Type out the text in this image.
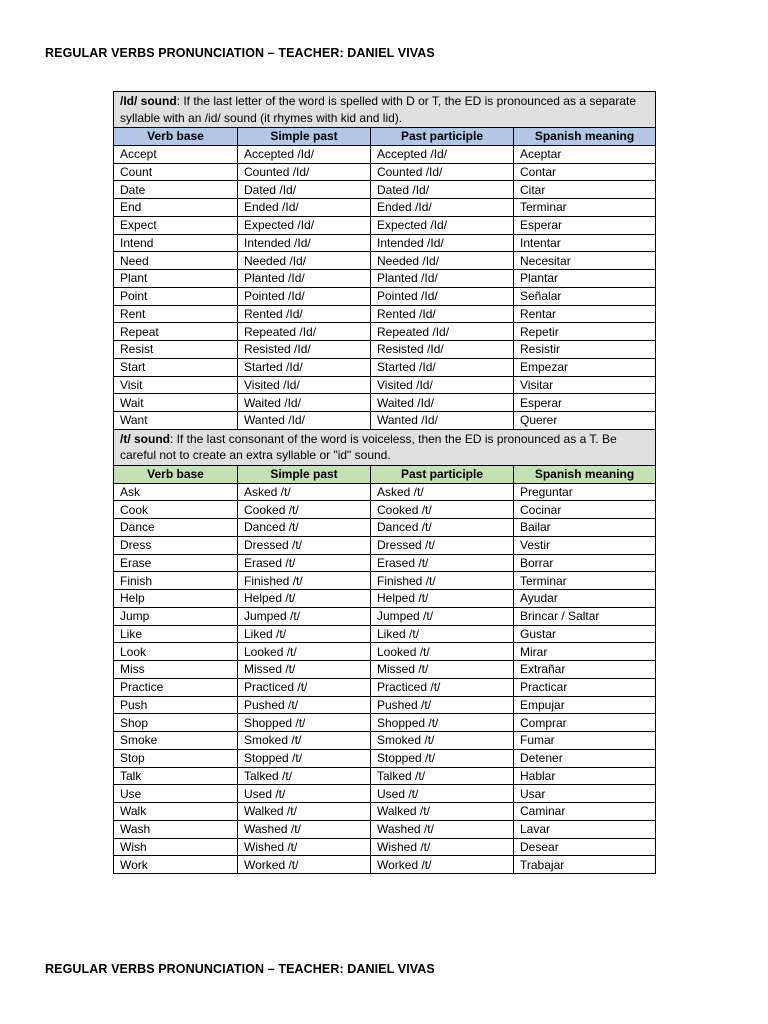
REGULAR VERBS PRONUNCIATION – TEACHER: DANIEL VIVAS
/Id/ sound: If the last letter of the word is spelled with D or T, the ED is pronounced as a separate syllable with an /id/ sound (it rhymes with kid and lid).			
Verb base	Simple past	Past participle	Spanish meaning
Accept	Accepted /Id/	Accepted /Id/	Aceptar
Count	Counted /Id/	Counted /Id/	Contar
Date	Dated /Id/	Dated /Id/	Citar
End	Ended /Id/	Ended /Id/	Terminar
Expect	Expected /Id/	Expected /Id/	Esperar
Intend	Intended /Id/	Intended /Id/	Intentar
Need	Needed /Id/	Needed /Id/	Necesitar
Plant	Planted /Id/	Planted /Id/	Plantar
Point	Pointed /Id/	Pointed /Id/	Señalar
Rent	Rented /Id/	Rented /Id/	Rentar
Repeat	Repeated /Id/	Repeated /Id/	Repetir
Resist	Resisted /Id/	Resisted /Id/	Resistir
Start	Started /Id/	Started /Id/	Empezar
Visit	Visited /Id/	Visited /Id/	Visitar
Wait	Waited /Id/	Waited /Id/	Esperar
Want	Wanted /Id/	Wanted /Id/	Querer
/t/ sound: If the last consonant of the word is voiceless, then the ED is pronounced as a T. Be careful not to create an extra syllable or "id" sound.			
Verb base	Simple past	Past participle	Spanish meaning
Ask	Asked /t/	Asked /t/	Preguntar
Cook	Cooked /t/	Cooked /t/	Cocinar
Dance	Danced /t/	Danced /t/	Bailar
Dress	Dressed /t/	Dressed /t/	Vestir
Erase	Erased /t/	Erased /t/	Borrar
Finish	Finished /t/	Finished /t/	Terminar
Help	Helped /t/	Helped /t/	Ayudar
Jump	Jumped /t/	Jumped /t/	Brincar / Saltar
Like	Liked /t/	Liked /t/	Gustar
Look	Looked /t/	Looked /t/	Mirar
Miss	Missed /t/	Missed /t/	Extrañar
Practice	Practiced /t/	Practiced /t/	Practicar
Push	Pushed /t/	Pushed /t/	Empujar
Shop	Shopped /t/	Shopped /t/	Comprar
Smoke	Smoked /t/	Smoked /t/	Fumar
Stop	Stopped /t/	Stopped /t/	Detener
Talk	Talked /t/	Talked /t/	Hablar
Use	Used /t/	Used /t/	Usar
Walk	Walked /t/	Walked /t/	Caminar
Wash	Washed /t/	Washed /t/	Lavar
Wish	Wished /t/	Wished /t/	Desear
Work	Worked /t/	Worked /t/	Trabajar
REGULAR VERBS PRONUNCIATION – TEACHER: DANIEL VIVAS
